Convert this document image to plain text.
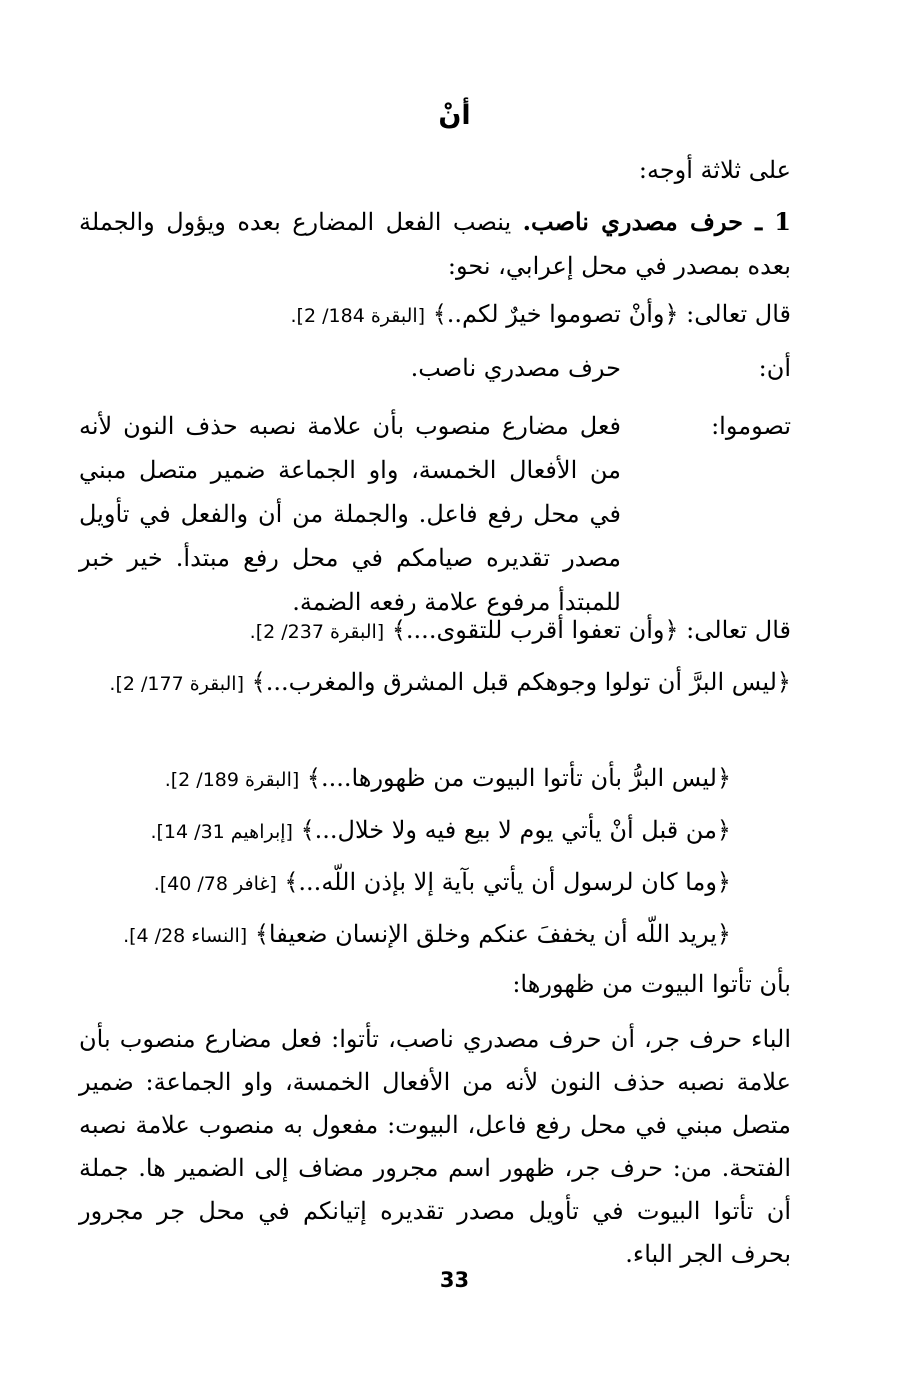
أنْ
على ثلاثة أوجه:
1 ـ حرف مصدري ناصب. ينصب الفعل المضارع بعده ويؤول والجملة بعده بمصدر في محل إعرابي، نحو:
قال تعالى: ﴿وأنْ تصوموا خيرٌ لكم..﴾ [البقرة 184/ 2].
أن:
حرف مصدري ناصب.
تصوموا:
فعل مضارع منصوب بأن علامة نصبه حذف النون لأنه من الأفعال الخمسة، واو الجماعة ضمير متصل مبني في محل رفع فاعل. والجملة من أن والفعل في تأويل مصدر تقديره صيامكم في محل رفع مبتدأ. خير خبر للمبتدأ مرفوع علامة رفعه الضمة.
قال تعالى: ﴿وأن تعفوا أقرب للتقوى....﴾ [البقرة 237/ 2].
﴿ليس البرَّ أن تولوا وجوهكم قبل المشرق والمغرب...﴾ [البقرة 177/ 2].
﴿ليس البرُّ بأن تأتوا البيوت من ظهورها....﴾ [البقرة 189/ 2].
﴿من قبل أنْ يأتي يوم لا بيع فيه ولا خلال...﴾ [إبراهيم 31/ 14].
﴿وما كان لرسول أن يأتي بآية إلا بإذن اللّه...﴾ [غافر 78/ 40].
﴿يريد اللّه أن يخففَ عنكم وخلق الإنسان ضعيفا﴾ [النساء 28/ 4].
بأن تأتوا البيوت من ظهورها:
الباء حرف جر، أن حرف مصدري ناصب، تأتوا: فعل مضارع منصوب بأن علامة نصبه حذف النون لأنه من الأفعال الخمسة، واو الجماعة: ضمير متصل مبني في محل رفع فاعل، البيوت: مفعول به منصوب علامة نصبه الفتحة. من: حرف جر، ظهور اسم مجرور مضاف إلى الضمير ها. جملة أن تأتوا البيوت في تأويل مصدر تقديره إتيانكم في محل جر مجرور بحرف الجر الباء.
33
